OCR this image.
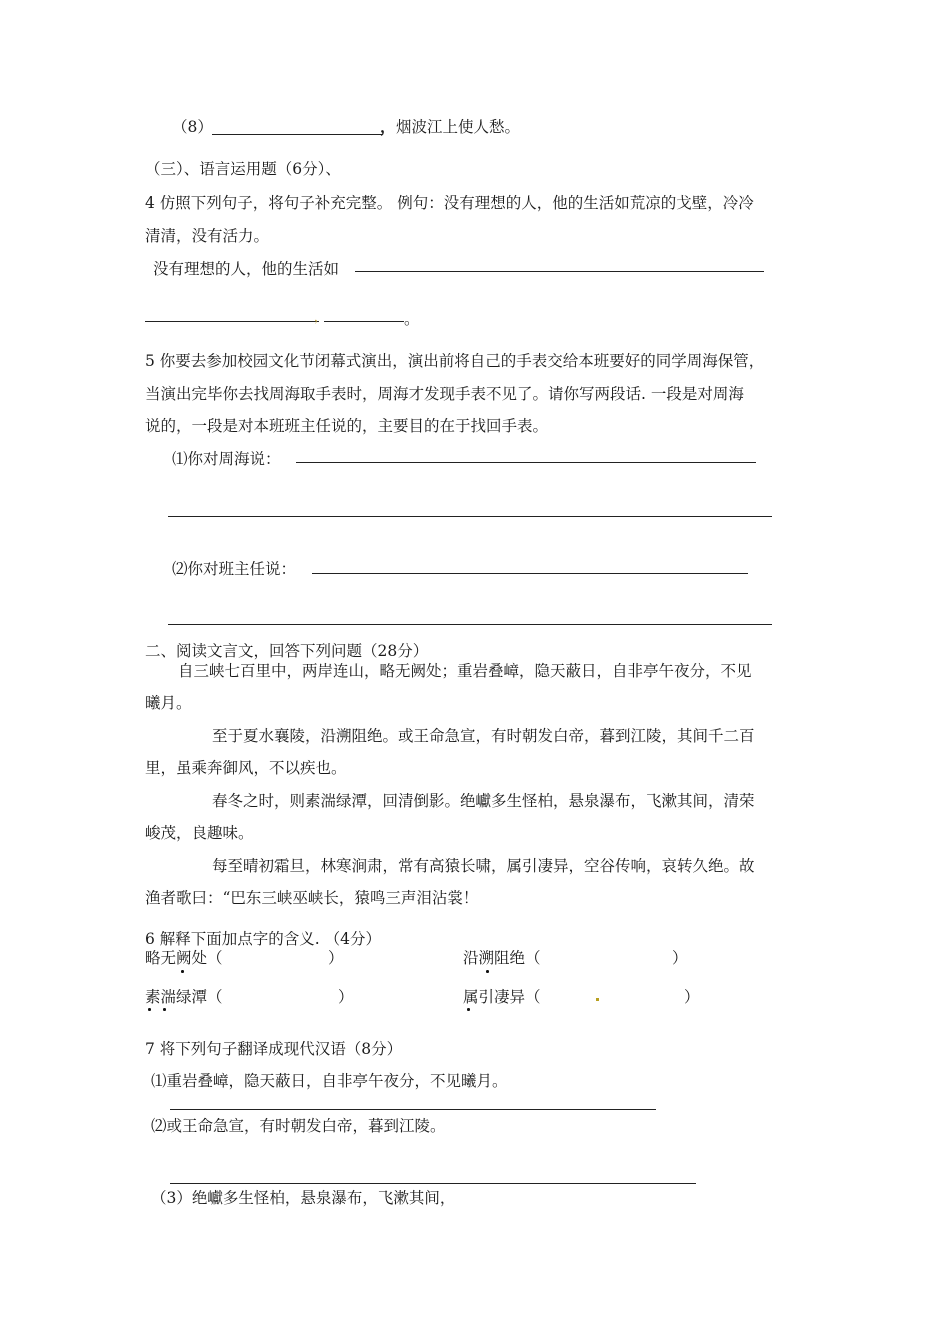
（8）	， 烟波江上使人愁。
（三）、语言运用题（6分）、
4 仿照下列句子，将句子补充完整。 例句：没有理想的人，他的生活如荒凉的戈壁，冷冷
清清，没有活力。
没有理想的人，他的生活如
，	。
5 你要去参加校园文化节闭幕式演出，演出前将自己的手表交给本班要好的同学周海保管，
当演出完毕你去找周海取手表时，周海才发现手表不见了。请你写两段话. 一段是对周海
说的，一段是对本班班主任说的，主要目的在于找回手表。
⑴你对周海说：
⑵你对班主任说：
二、阅读文言文，回答下列问题（28分）
自三峡七百里中，两岸连山，略无阙处；重岩叠嶂，隐天蔽日，自非亭午夜分，不见
曦月。
至于夏水襄陵，沿溯阻绝。或王命急宣，有时朝发白帝，暮到江陵，其间千二百
里，虽乘奔御风，不以疾也。
春冬之时，则素湍绿潭，回清倒影。绝巘多生怪柏，悬泉瀑布，飞漱其间，清荣
峻茂，良趣味。
每至晴初霜旦，林寒涧肃，常有高猿长啸，属引凄异，空谷传响，哀转久绝。故
渔者歌曰：“巴东三峡巫峡长，猿鸣三声泪沾裳！
6 解释下面加点字的含义. （4分）
略无阙处（	）	沿溯阻绝（	）
素湍绿潭（	）	属引凄异（	）
7 将下列句子翻译成现代汉语（8分）
⑴重岩叠嶂，隐天蔽日，自非亭午夜分，不见曦月。
⑵或王命急宣，有时朝发白帝，暮到江陵。
（3）绝巘多生怪柏，悬泉瀑布，飞漱其间，
